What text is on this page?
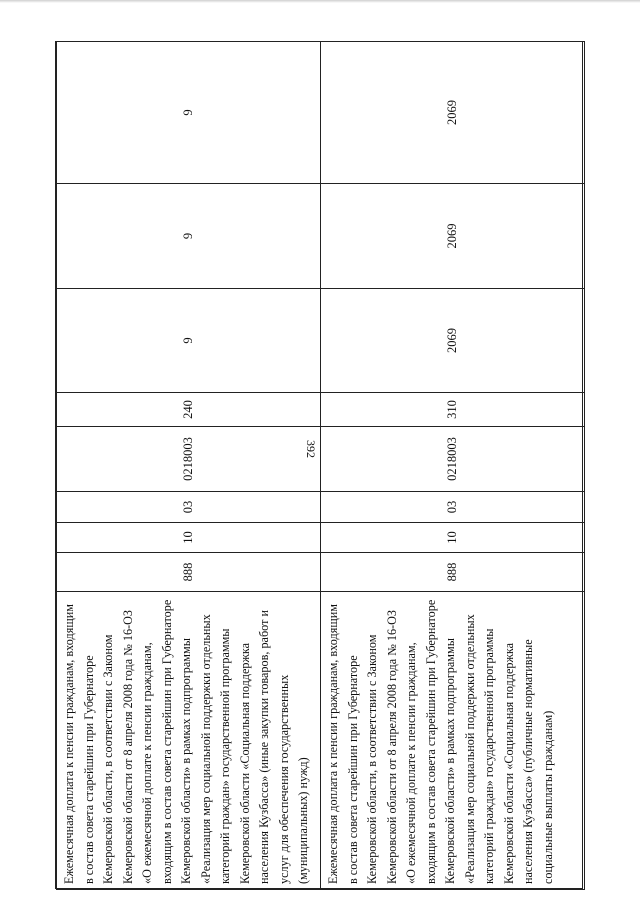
392
Ежемесячная доплата к пенсии гражданам, входящим в состав совета старейшин при Губернаторе Кемеровской области, в соответствии с Законом Кемеровской области от 8 апреля 2008 года № 16-ОЗ «О ежемесячной доплате к пенсии гражданам, входящим в состав совета старейшин при Губернаторе Кемеровской области» в рамках подпрограммы «Реализация мер социальной поддержки отдельных категорий граждан» государственной программы Кемеровской области «Социальная поддержка населения Кузбасса» (иные закупки товаров, работ и услуг для обеспечения государственных (муниципальных) нужд)	888	10	03	0218003	240	9	9	9
Ежемесячная доплата к пенсии гражданам, входящим в состав совета старейшин при Губернаторе Кемеровской области, в соответствии с Законом Кемеровской области от 8 апреля 2008 года № 16-ОЗ «О ежемесячной доплате к пенсии гражданам, входящим в состав совета старейшин при Губернаторе Кемеровской области» в рамках подпрограммы «Реализация мер социальной поддержки отдельных категорий граждан» государственной программы Кемеровской области «Социальная поддержка населения Кузбасса» (публичные нормативные социальные выплаты гражданам)	888	10	03	0218003	310	2069	2069	2069
